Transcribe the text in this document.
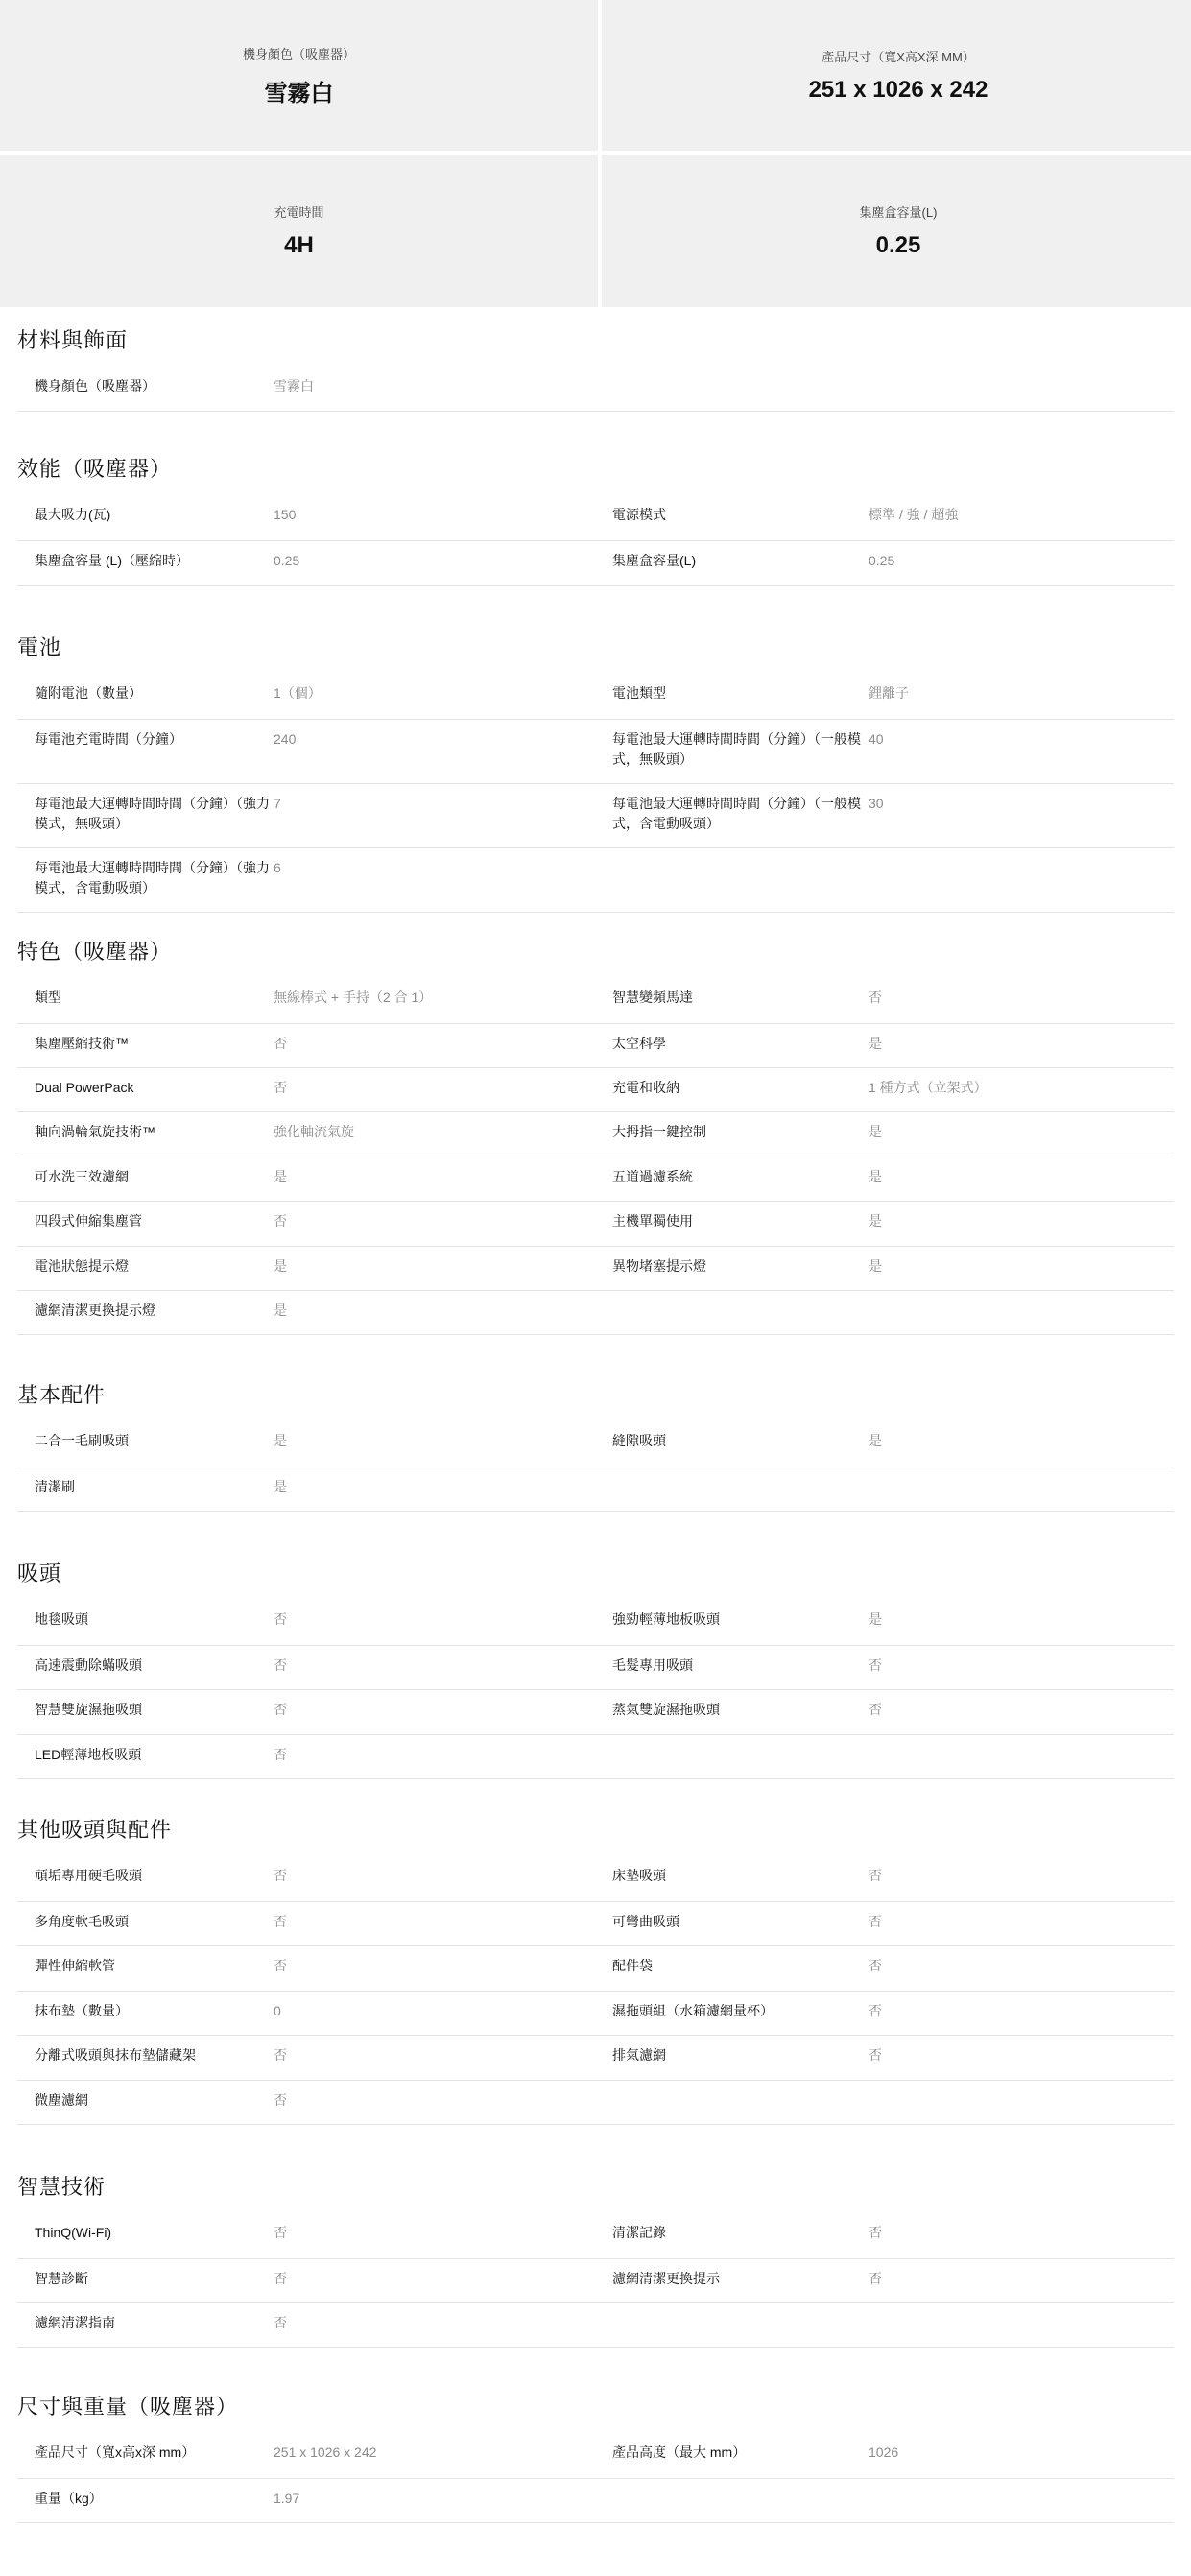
機身顏色（吸塵器）
雪霧白
產品尺寸（寬X高X深 MM）
251 x 1026 x 242
充電時間
4H
集塵盒容量(L)
0.25
材料與飾面
機身顏色（吸塵器）	雪霧白		
效能（吸塵器）
最大吸力(瓦)	150	電源模式	標準 / 強 / 超強
集塵盒容量 (L)（壓縮時）	0.25	集塵盒容量(L)	0.25
電池
隨附電池（數量）	1（個）	電池類型	鋰離子
每電池充電時間（分鐘）	240	每電池最大運轉時間時間（分鐘）（一般模式，無吸頭）	40
每電池最大運轉時間時間（分鐘）（強力模式，無吸頭）	7	每電池最大運轉時間時間（分鐘）（一般模式，含電動吸頭）	30
每電池最大運轉時間時間（分鐘）（強力模式，含電動吸頭）	6		
特色（吸塵器）
類型	無線棒式 + 手持（2 合 1）	智慧變頻馬達	否
集塵壓縮技術™	否	太空科學	是
Dual PowerPack	否	充電和收納	1 種方式（立架式）
軸向渦輪氣旋技術™	強化軸流氣旋	大拇指一鍵控制	是
可水洗三效濾網	是	五道過濾系統	是
四段式伸縮集塵管	否	主機單獨使用	是
電池狀態提示燈	是	異物堵塞提示燈	是
濾網清潔更換提示燈	是		
基本配件
二合一毛刷吸頭	是	縫隙吸頭	是
清潔刷	是		
吸頭
地毯吸頭	否	強勁輕薄地板吸頭	是
高速震動除蟎吸頭	否	毛髮專用吸頭	否
智慧雙旋濕拖吸頭	否	蒸氣雙旋濕拖吸頭	否
LED輕薄地板吸頭	否		
其他吸頭與配件
頑垢專用硬毛吸頭	否	床墊吸頭	否
多角度軟毛吸頭	否	可彎曲吸頭	否
彈性伸縮軟管	否	配件袋	否
抹布墊（數量）	0	濕拖頭組（水箱濾網量杯）	否
分離式吸頭與抹布墊儲藏架	否	排氣濾網	否
微塵濾網	否		
智慧技術
ThinQ(Wi-Fi)	否	清潔記錄	否
智慧診斷	否	濾網清潔更換提示	否
濾網清潔指南	否		
尺寸與重量（吸塵器）
產品尺寸（寬x高x深 mm）	251 x 1026 x 242	產品高度（最大 mm）	1026
重量（kg）	1.97		
